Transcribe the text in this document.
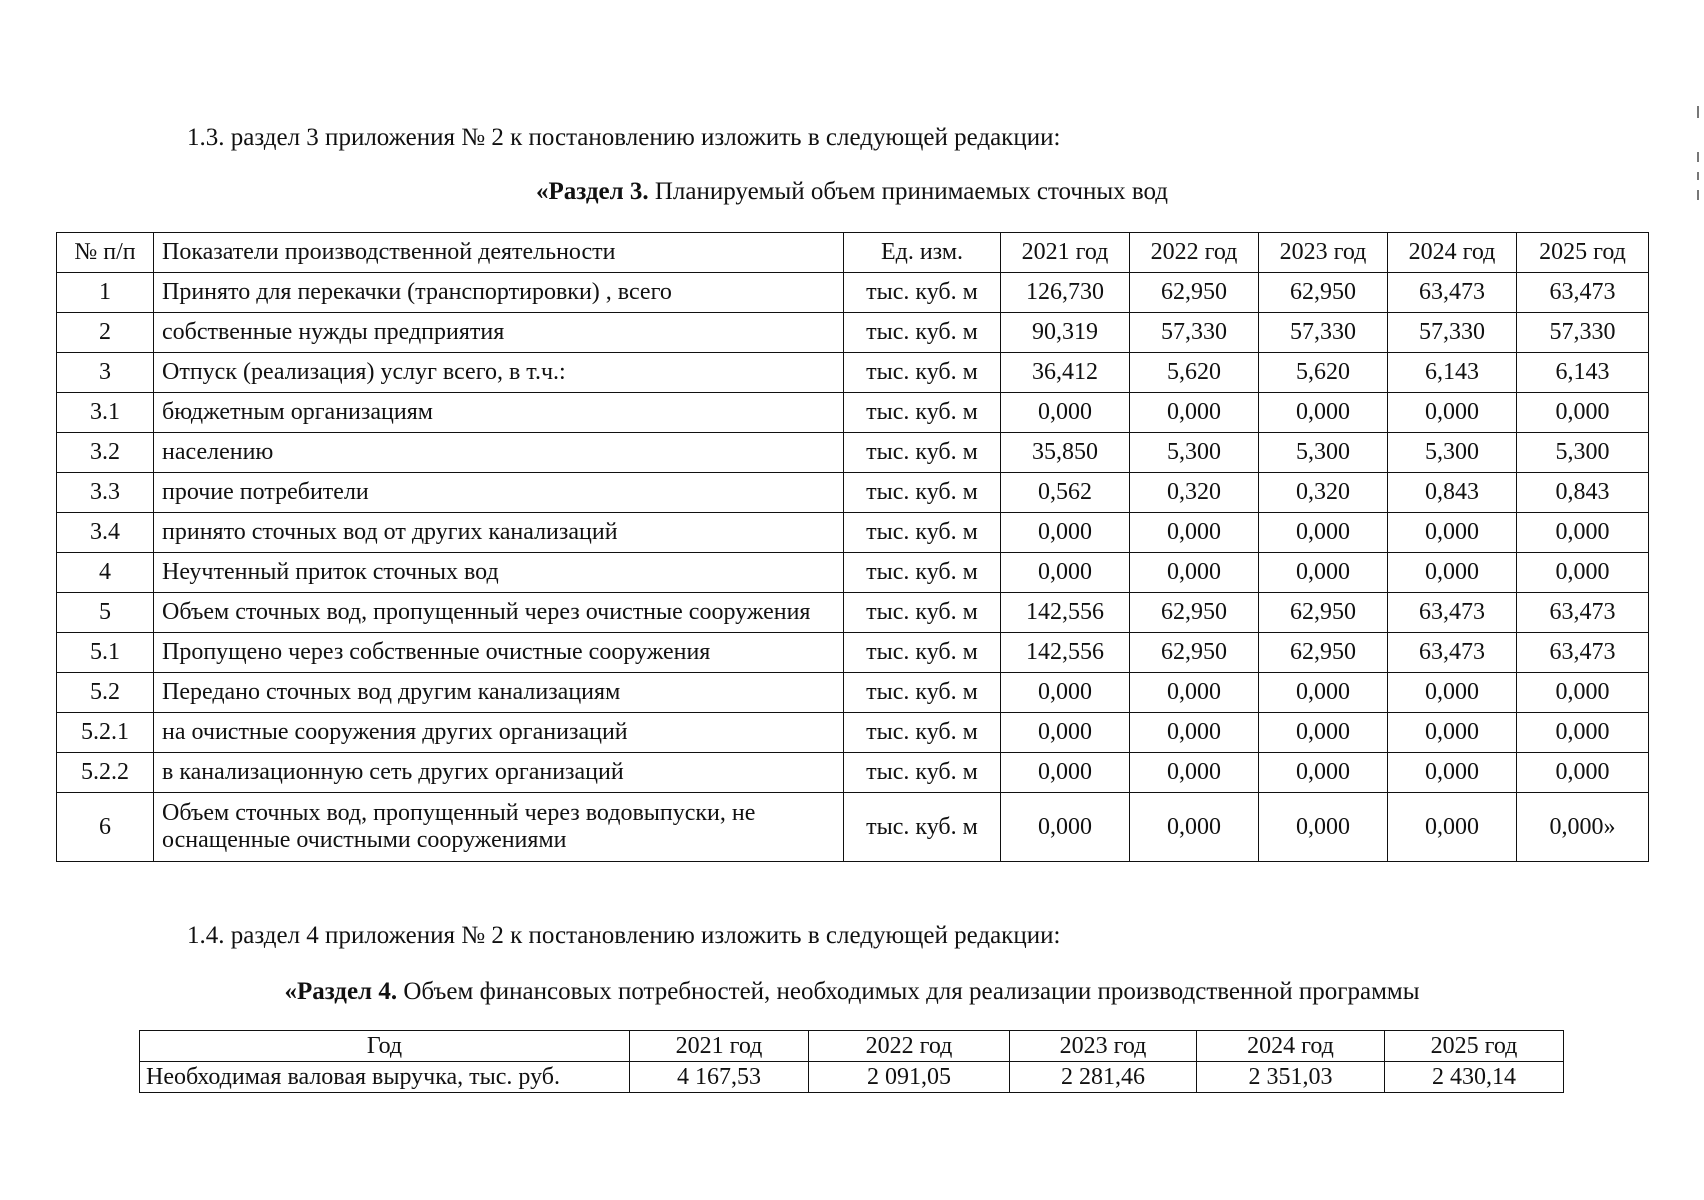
1.3. раздел 3 приложения № 2 к постановлению изложить в следующей редакции:
«Раздел 3. Планируемый объем принимаемых сточных вод
№ п/п	Показатели производственной деятельности	Ед. изм.	2021 год	2022 год	2023 год	2024 год	2025 год
1	Принято для перекачки (транспортировки) , всего	тыс. куб. м	126,730	62,950	62,950	63,473	63,473
2	собственные нужды предприятия	тыс. куб. м	90,319	57,330	57,330	57,330	57,330
3	Отпуск (реализация) услуг всего, в т.ч.:	тыс. куб. м	36,412	5,620	5,620	6,143	6,143
3.1	бюджетным организациям	тыс. куб. м	0,000	0,000	0,000	0,000	0,000
3.2	населению	тыс. куб. м	35,850	5,300	5,300	5,300	5,300
3.3	прочие потребители	тыс. куб. м	0,562	0,320	0,320	0,843	0,843
3.4	принято сточных вод от других канализаций	тыс. куб. м	0,000	0,000	0,000	0,000	0,000
4	Неучтенный приток сточных вод	тыс. куб. м	0,000	0,000	0,000	0,000	0,000
5	Объем сточных вод, пропущенный через очистные сооружения	тыс. куб. м	142,556	62,950	62,950	63,473	63,473
5.1	Пропущено через собственные очистные сооружения	тыс. куб. м	142,556	62,950	62,950	63,473	63,473
5.2	Передано сточных вод другим канализациям	тыс. куб. м	0,000	0,000	0,000	0,000	0,000
5.2.1	на очистные сооружения других организаций	тыс. куб. м	0,000	0,000	0,000	0,000	0,000
5.2.2	в канализационную сеть других организаций	тыс. куб. м	0,000	0,000	0,000	0,000	0,000
6	Объем сточных вод, пропущенный через водовыпуски, не оснащенные очистными сооружениями	тыс. куб. м	0,000	0,000	0,000	0,000	0,000»
1.4. раздел 4 приложения № 2 к постановлению изложить в следующей редакции:
«Раздел 4. Объем финансовых потребностей, необходимых для реализации производственной программы
Год	2021 год	2022 год	2023 год	2024 год	2025 год
Необходимая валовая выручка, тыс. руб.	4 167,53	2 091,05	2 281,46	2 351,03	2 430,14
